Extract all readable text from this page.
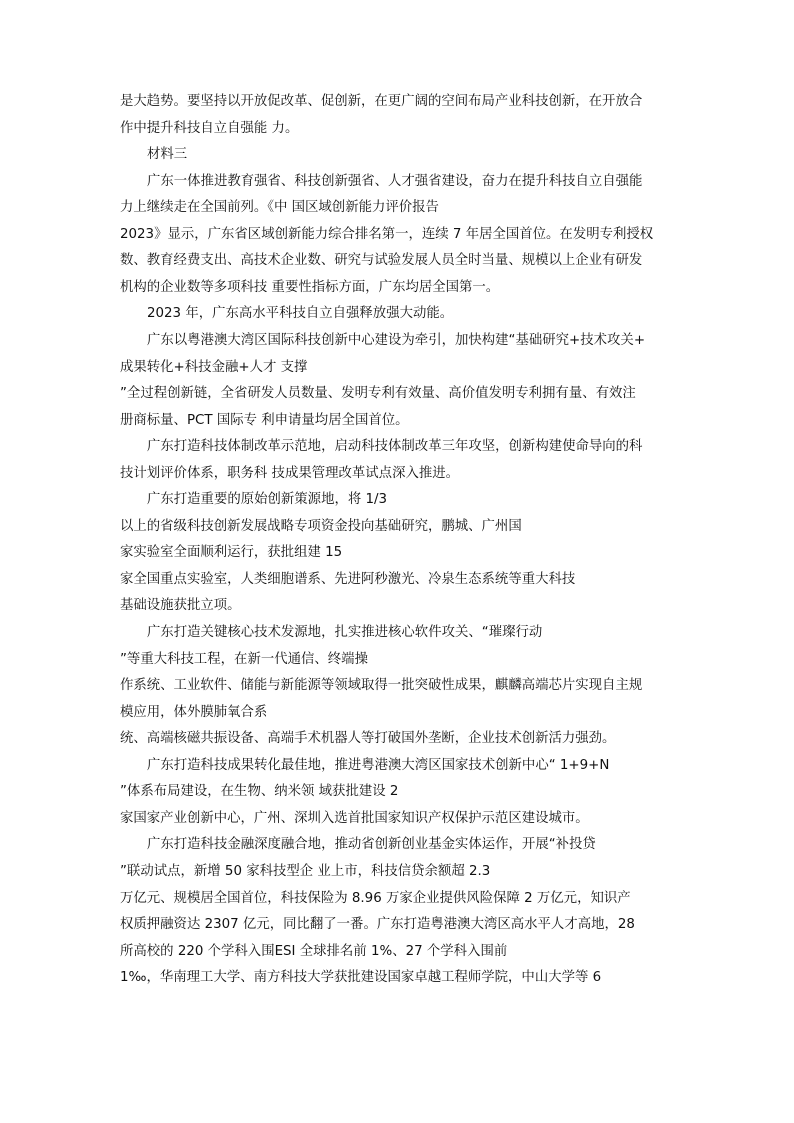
是大趋势。要坚持以开放促改革、促创新，在更广阔的空间布局产业科技创新，在开放合
作中提升科技自立自强能 力。
材料三
广东一体推进教育强省、科技创新强省、人才强省建设，奋力在提升科技自立自强能
力上继续走在全国前列。《中 国区域创新能力评价报告
2023》显示，广东省区域创新能力综合排名第一，连续 7 年居全国首位。在发明专利授权
数、教育经费支出、高技术企业数、研究与试验发展人员全时当量、规模以上企业有研发
机构的企业数等多项科技 重要性指标方面，广东均居全国第一。
2023 年，广东高水平科技自立自强释放强大动能。
广东以粤港澳大湾区国际科技创新中心建设为牵引，加快构建“基础研究+技术攻关+
成果转化+科技金融+人才 支撑
”全过程创新链，全省研发人员数量、发明专利有效量、高价值发明专利拥有量、有效注
册商标量、PCT 国际专 利申请量均居全国首位。
广东打造科技体制改革示范地，启动科技体制改革三年攻坚，创新构建使命导向的科
技计划评价体系，职务科 技成果管理改革试点深入推进。
广东打造重要的原始创新策源地，将 1/3
以上的省级科技创新发展战略专项资金投向基础研究，鹏城、广州国
家实验室全面顺利运行，获批组建 15
家全国重点实验室，人类细胞谱系、先进阿秒激光、冷泉生态系统等重大科技
基础设施获批立项。
广东打造关键核心技术发源地，扎实推进核心软件攻关、“璀璨行动
”等重大科技工程，在新一代通信、终端操
作系统、工业软件、储能与新能源等领域取得一批突破性成果，麒麟高端芯片实现自主规
模应用，体外膜肺氧合系
统、高端核磁共振设备、高端手术机器人等打破国外垄断，企业技术创新活力强劲。
广东打造科技成果转化最佳地，推进粤港澳大湾区国家技术创新中心“ 1+9+N
”体系布局建设，在生物、纳米领 域获批建设 2
家国家产业创新中心，广州、深圳入选首批国家知识产权保护示范区建设城市。
广东打造科技金融深度融合地，推动省创新创业基金实体运作，开展“补投贷
”联动试点，新增 50 家科技型企 业上市，科技信贷余额超 2.3
万亿元、规模居全国首位，科技保险为 8.96 万家企业提供风险保障 2 万亿元，知识产
权质押融资达 2307 亿元，同比翻了一番。广东打造粤港澳大湾区高水平人才高地，28
所高校的 220 个学科入围ESI 全球排名前 1%、27 个学科入围前
1‰，华南理工大学、南方科技大学获批建设国家卓越工程师学院，中山大学等 6
